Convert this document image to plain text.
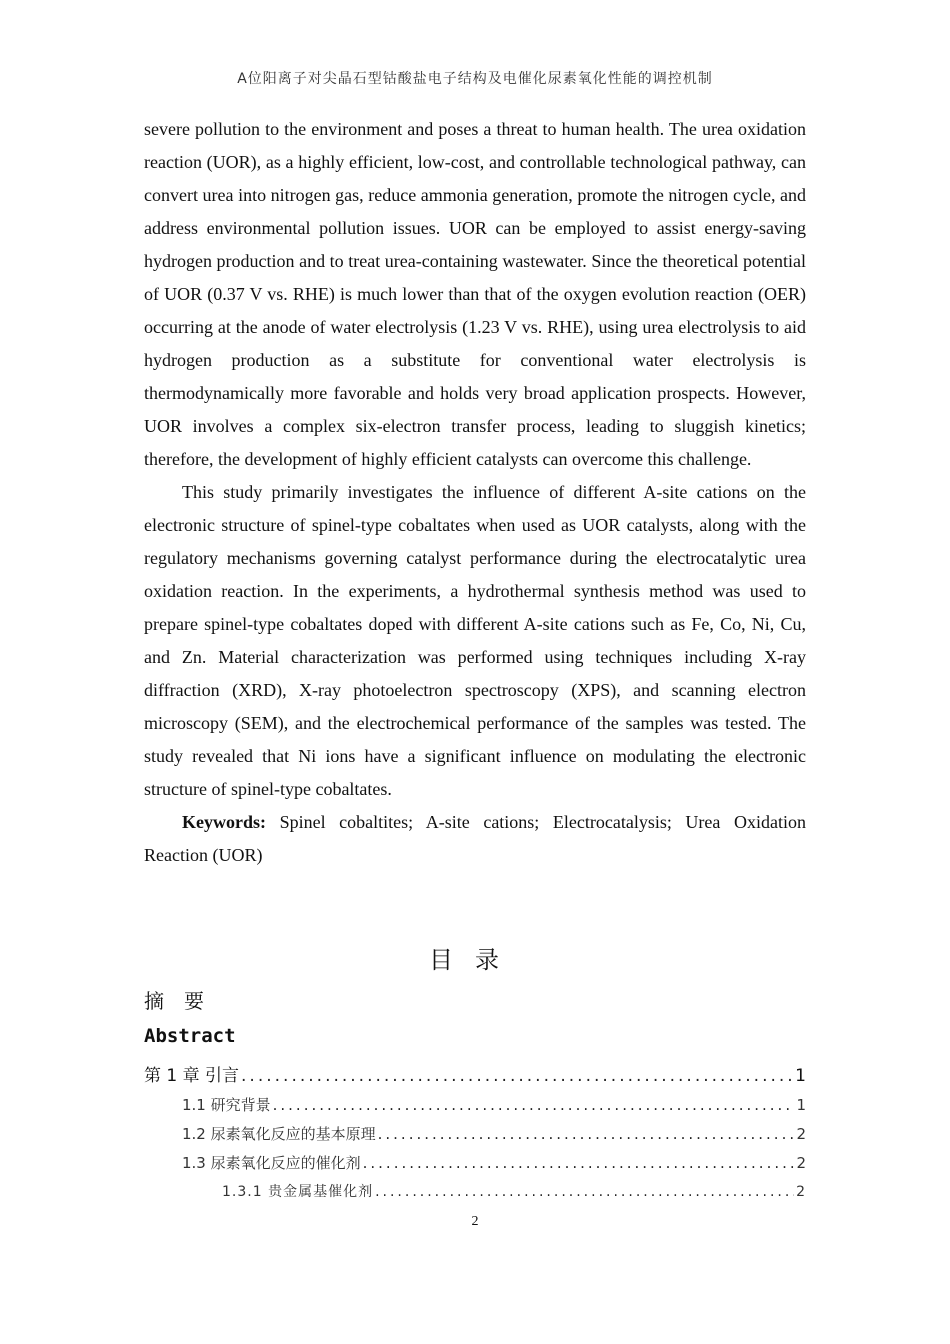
A位阳离子对尖晶石型钴酸盐电子结构及电催化尿素氧化性能的调控机制

severe pollution to the environment and poses a threat to human health. The urea oxidation reaction (UOR), as a highly efficient, low-cost, and controllable technological pathway, can convert urea into nitrogen gas, reduce ammonia generation, promote the nitrogen cycle, and address environmental pollution issues. UOR can be employed to assist energy-saving hydrogen production and to treat urea-containing wastewater. Since the theoretical potential of UOR (0.37 V vs. RHE) is much lower than that of the oxygen evolution reaction (OER) occurring at the anode of water electrolysis (1.23 V vs. RHE), using urea electrolysis to aid hydrogen production as a substitute for conventional water electrolysis is thermodynamically more favorable and holds very broad application prospects. However, UOR involves a complex six-electron transfer process, leading to sluggish kinetics; therefore, the development of highly efficient catalysts can overcome this challenge.

This study primarily investigates the influence of different A-site cations on the electronic structure of spinel-type cobaltates when used as UOR catalysts, along with the regulatory mechanisms governing catalyst performance during the electrocatalytic urea oxidation reaction. In the experiments, a hydrothermal synthesis method was used to prepare spinel-type cobaltates doped with different A-site cations such as Fe, Co, Ni, Cu, and Zn. Material characterization was performed using techniques including X-ray diffraction (XRD), X-ray photoelectron spectroscopy (XPS), and scanning electron microscopy (SEM), and the electrochemical performance of the samples was tested. The study revealed that Ni ions have a significant influence on modulating the electronic structure of spinel-type cobaltates.

Keywords: Spinel cobaltites; A-site cations; Electrocatalysis; Urea Oxidation Reaction (UOR)

目录
摘　要
Abstract
第 1 章 引言 .....	1
1.1 研究背景 .....	1
1.2 尿素氧化反应的基本原理 .....	2
1.3 尿素氧化反应的催化剂 .....	2
1.3.1 贵金属基催化剂 .....	2
2
